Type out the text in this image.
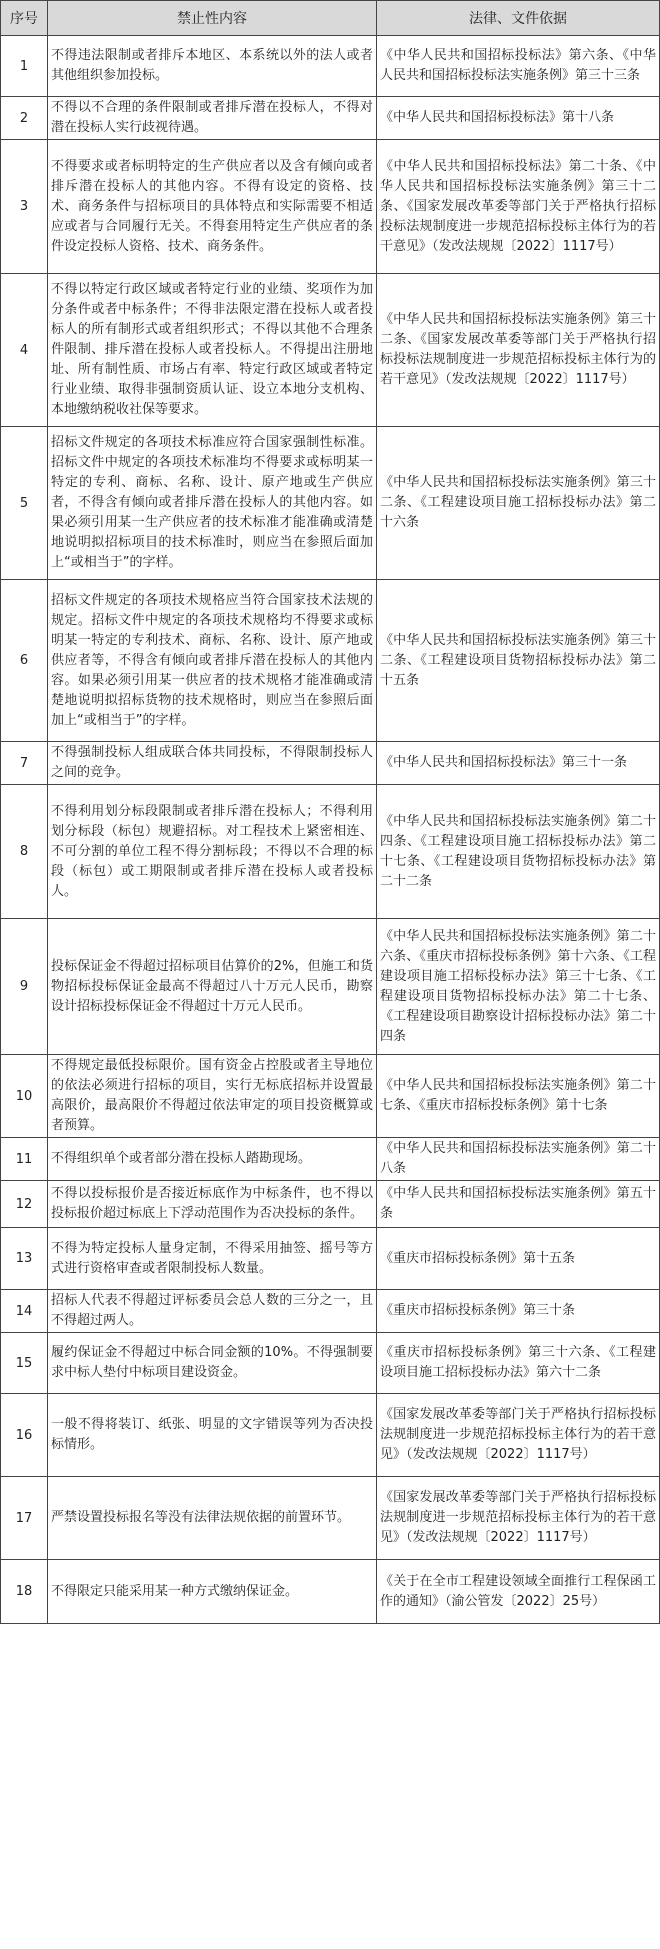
序号	禁止性内容	法律、文件依据
1	不得违法限制或者排斥本地区、本系统以外的法人或者其他组织参加投标。	《中华人民共和国招标投标法》第六条、《中华人民共和国招标投标法实施条例》第三十三条
2	不得以不合理的条件限制或者排斥潜在投标人，不得对潜在投标人实行歧视待遇。	《中华人民共和国招标投标法》第十八条
3	不得要求或者标明特定的生产供应者以及含有倾向或者排斥潜在投标人的其他内容。不得有设定的资格、技术、商务条件与招标项目的具体特点和实际需要不相适应或者与合同履行无关。不得套用特定生产供应者的条件设定投标人资格、技术、商务条件。	《中华人民共和国招标投标法》第二十条、《中华人民共和国招标投标法实施条例》第三十二条、《国家发展改革委等部门关于严格执行招标投标法规制度进一步规范招标投标主体行为的若干意见》（发改法规规〔2022〕1117号）
4	不得以特定行政区域或者特定行业的业绩、奖项作为加分条件或者中标条件；不得非法限定潜在投标人或者投标人的所有制形式或者组织形式；不得以其他不合理条件限制、排斥潜在投标人或者投标人。不得提出注册地址、所有制性质、市场占有率、特定行政区域或者特定行业业绩、取得非强制资质认证、设立本地分支机构、本地缴纳税收社保等要求。	《中华人民共和国招标投标法实施条例》第三十二条、《国家发展改革委等部门关于严格执行招标投标法规制度进一步规范招标投标主体行为的若干意见》（发改法规规〔2022〕1117号）
5	招标文件规定的各项技术标准应符合国家强制性标准。招标文件中规定的各项技术标准均不得要求或标明某一特定的专利、商标、名称、设计、原产地或生产供应者，不得含有倾向或者排斥潜在投标人的其他内容。如果必须引用某一生产供应者的技术标准才能准确或清楚地说明拟招标项目的技术标准时，则应当在参照后面加上“或相当于”的字样。	《中华人民共和国招标投标法实施条例》第三十二条、《工程建设项目施工招标投标办法》第二十六条
6	招标文件规定的各项技术规格应当符合国家技术法规的规定。招标文件中规定的各项技术规格均不得要求或标明某一特定的专利技术、商标、名称、设计、原产地或供应者等，不得含有倾向或者排斥潜在投标人的其他内容。如果必须引用某一供应者的技术规格才能准确或清楚地说明拟招标货物的技术规格时，则应当在参照后面加上“或相当于”的字样。	《中华人民共和国招标投标法实施条例》第三十二条、《工程建设项目货物招标投标办法》第二十五条
7	不得强制投标人组成联合体共同投标，不得限制投标人之间的竞争。	《中华人民共和国招标投标法》第三十一条
8	不得利用划分标段限制或者排斥潜在投标人；不得利用划分标段（标包）规避招标。对工程技术上紧密相连、不可分割的单位工程不得分割标段；不得以不合理的标段（标包）或工期限制或者排斥潜在投标人或者投标人。	《中华人民共和国招标投标法实施条例》第二十四条、《工程建设项目施工招标投标办法》第二十七条、《工程建设项目货物招标投标办法》第二十二条
9	投标保证金不得超过招标项目估算价的2%，但施工和货物招标投标保证金最高不得超过八十万元人民币，勘察设计招标投标保证金不得超过十万元人民币。	《中华人民共和国招标投标法实施条例》第二十六条、《重庆市招标投标条例》第十六条、《工程建设项目施工招标投标办法》第三十七条、《工程建设项目货物招标投标办法》第二十七条、《工程建设项目勘察设计招标投标办法》第二十四条
10	不得规定最低投标限价。国有资金占控股或者主导地位的依法必须进行招标的项目，实行无标底招标并设置最高限价，最高限价不得超过依法审定的项目投资概算或者预算。	《中华人民共和国招标投标法实施条例》第二十七条、《重庆市招标投标条例》第十七条
11	不得组织单个或者部分潜在投标人踏勘现场。	《中华人民共和国招标投标法实施条例》第二十八条
12	不得以投标报价是否接近标底作为中标条件，也不得以投标报价超过标底上下浮动范围作为否决投标的条件。	《中华人民共和国招标投标法实施条例》第五十条
13	不得为特定投标人量身定制，不得采用抽签、摇号等方式进行资格审查或者限制投标人数量。	《重庆市招标投标条例》第十五条
14	招标人代表不得超过评标委员会总人数的三分之一，且不得超过两人。	《重庆市招标投标条例》第三十条
15	履约保证金不得超过中标合同金额的10%。不得强制要求中标人垫付中标项目建设资金。	《重庆市招标投标条例》第三十六条、《工程建设项目施工招标投标办法》第六十二条
16	一般不得将装订、纸张、明显的文字错误等列为否决投标情形。	《国家发展改革委等部门关于严格执行招标投标法规制度进一步规范招标投标主体行为的若干意见》（发改法规规〔2022〕1117号）
17	严禁设置投标报名等没有法律法规依据的前置环节。	《国家发展改革委等部门关于严格执行招标投标法规制度进一步规范招标投标主体行为的若干意见》（发改法规规〔2022〕1117号）
18	不得限定只能采用某一种方式缴纳保证金。	《关于在全市工程建设领域全面推行工程保函工作的通知》（渝公管发〔2022〕25号）
